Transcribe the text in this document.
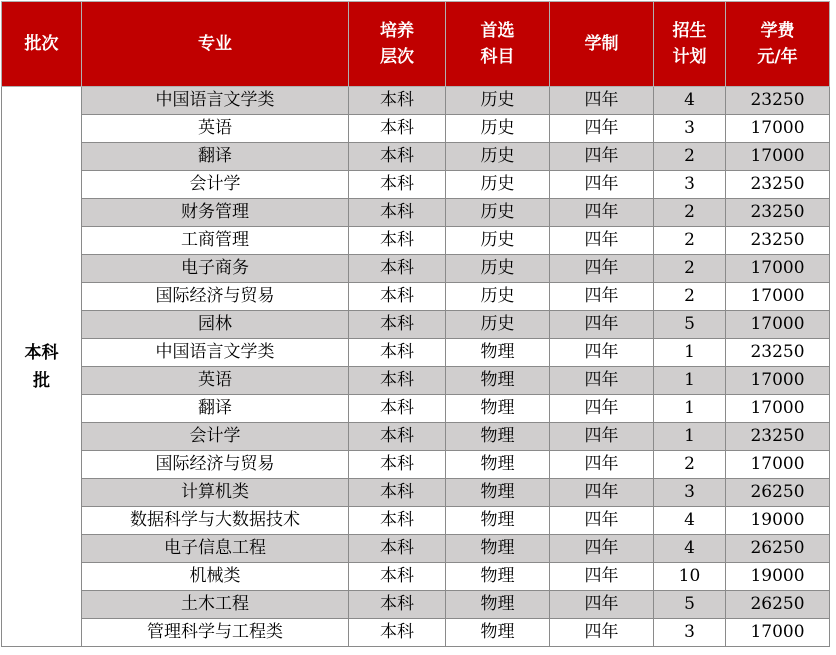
批次	专业	培养层次	首选科目	学制	招生计划	学费元/年
本科批	中国语言文学类	本科	历史	四年	4	23250
	英语	本科	历史	四年	3	17000
	翻译	本科	历史	四年	2	17000
	会计学	本科	历史	四年	3	23250
	财务管理	本科	历史	四年	2	23250
	工商管理	本科	历史	四年	2	23250
	电子商务	本科	历史	四年	2	17000
	国际经济与贸易	本科	历史	四年	2	17000
	园林	本科	历史	四年	5	17000
	中国语言文学类	本科	物理	四年	1	23250
	英语	本科	物理	四年	1	17000
	翻译	本科	物理	四年	1	17000
	会计学	本科	物理	四年	1	23250
	国际经济与贸易	本科	物理	四年	2	17000
	计算机类	本科	物理	四年	3	26250
	数据科学与大数据技术	本科	物理	四年	4	19000
	电子信息工程	本科	物理	四年	4	26250
	机械类	本科	物理	四年	10	19000
	土木工程	本科	物理	四年	5	26250
	管理科学与工程类	本科	物理	四年	3	17000
